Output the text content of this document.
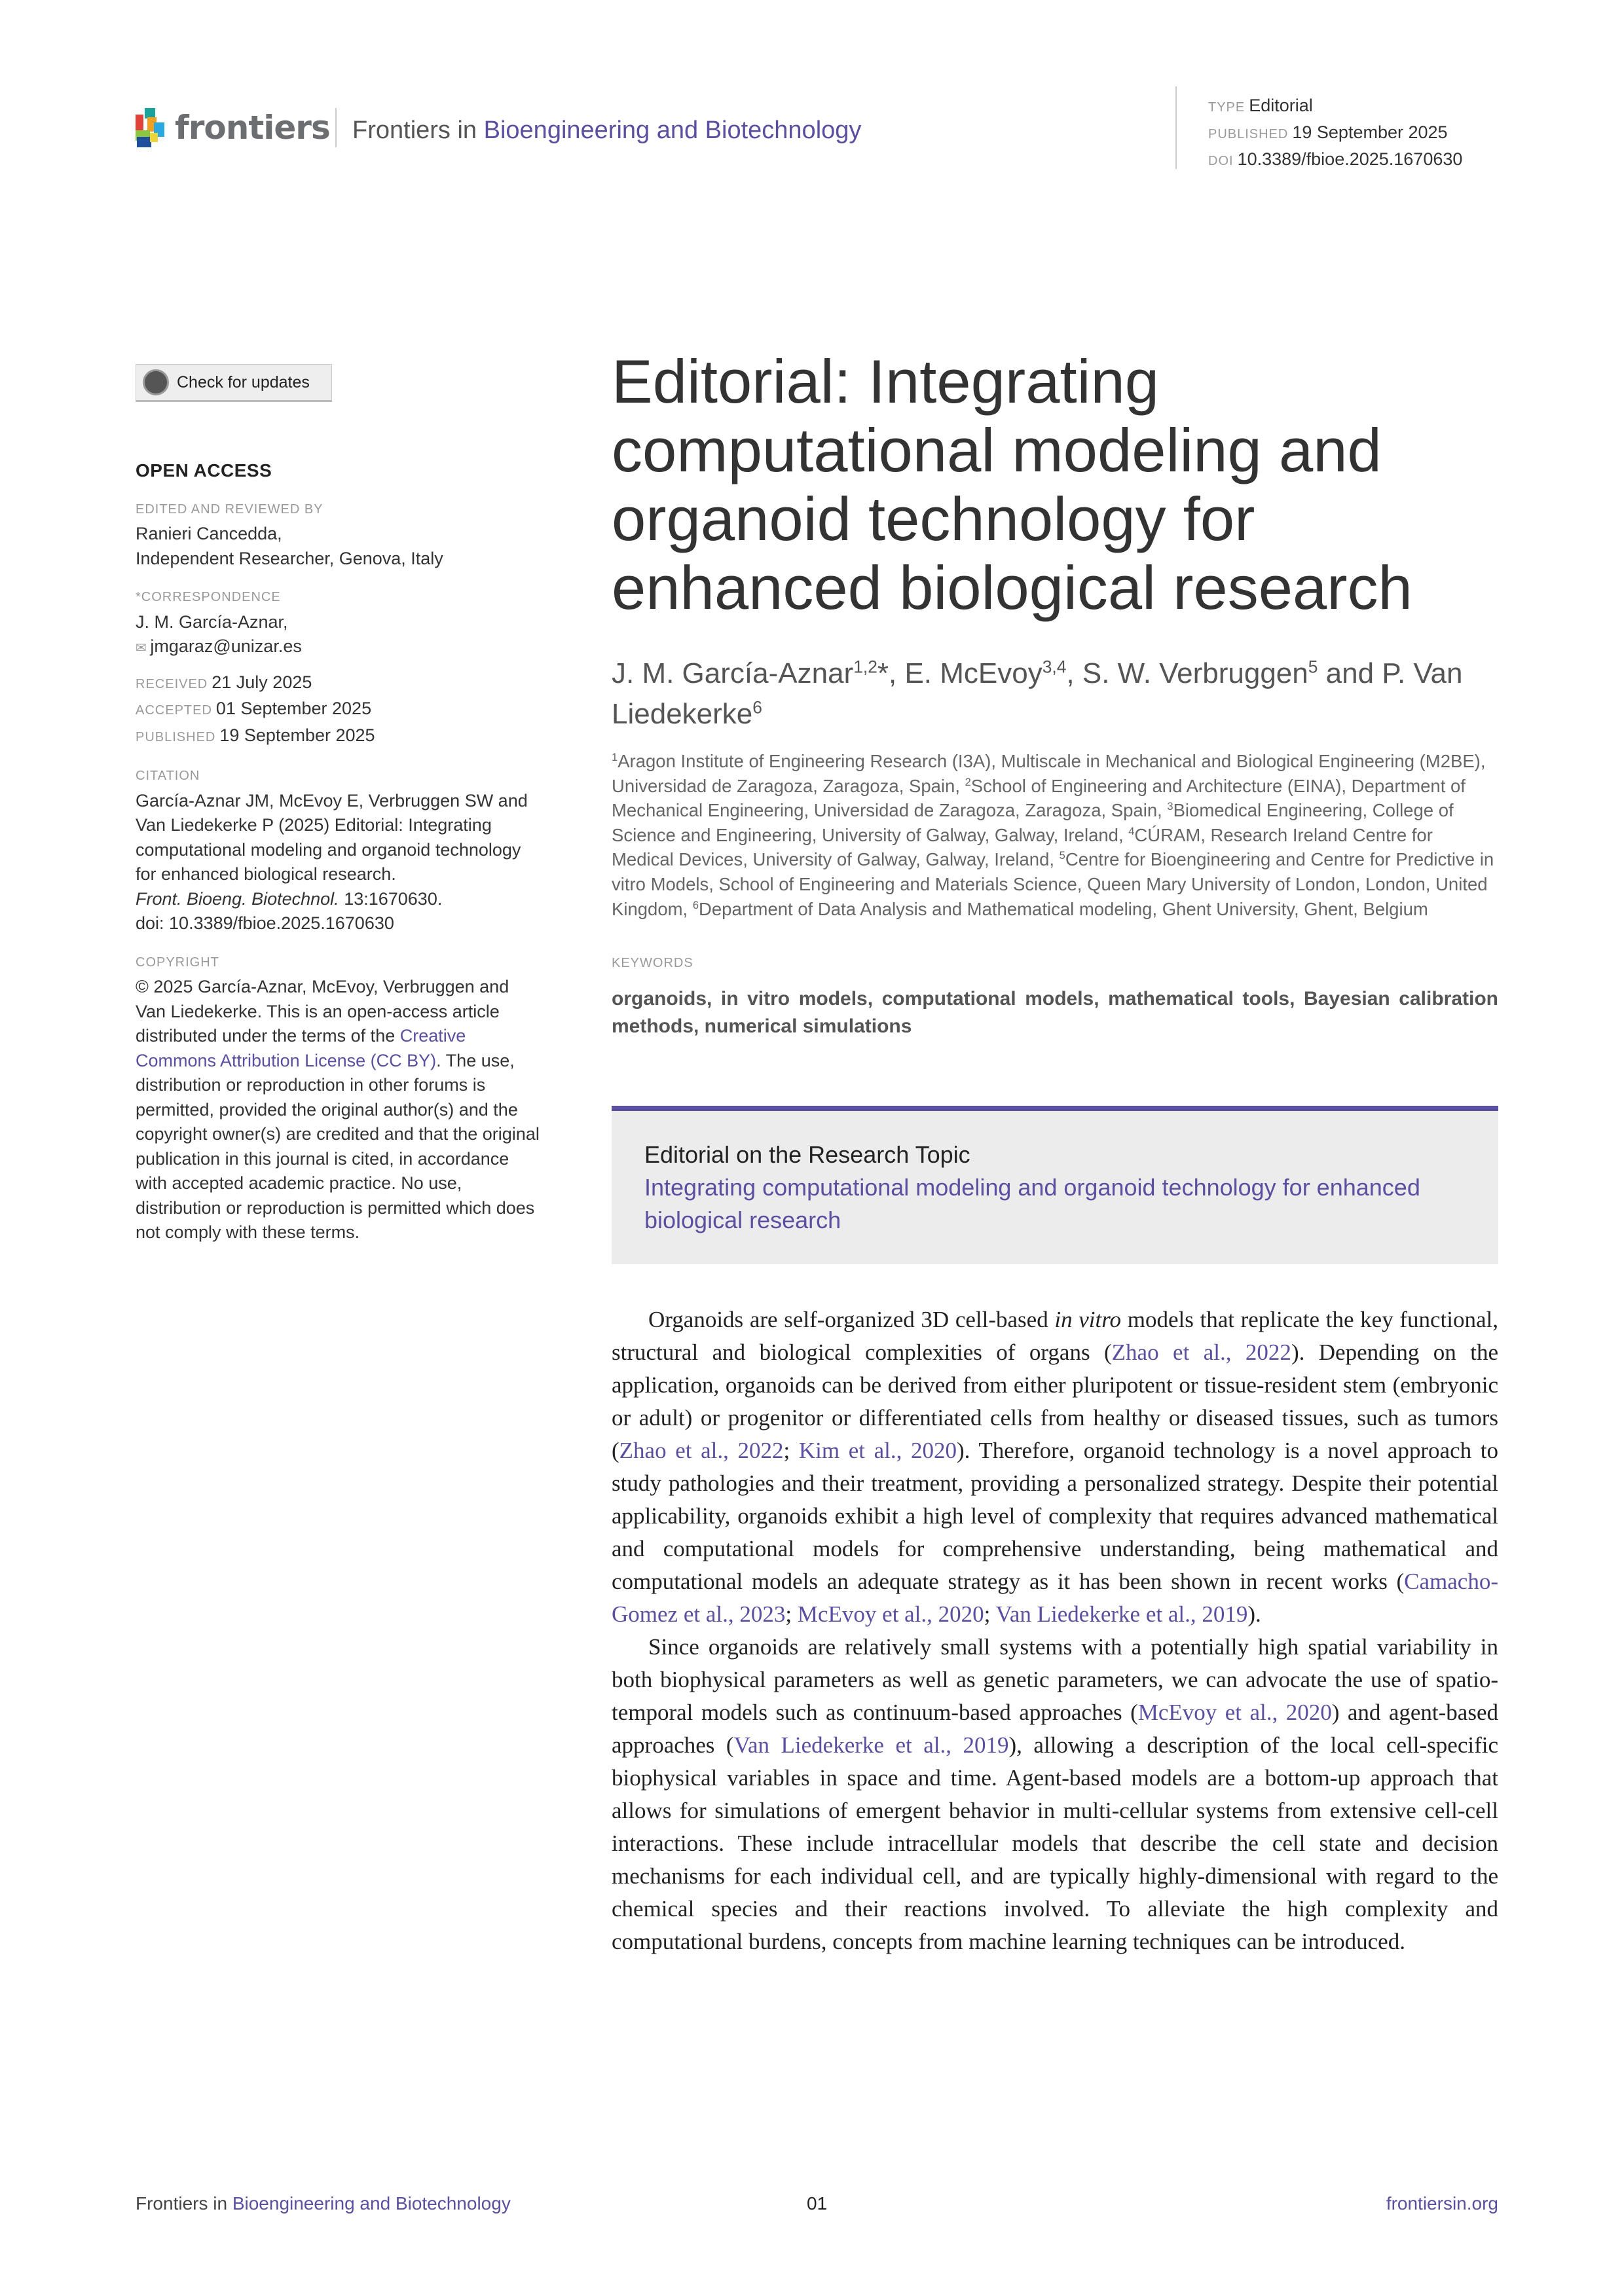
frontiers Frontiers in Bioengineering and Biotechnology
TYPE Editorial
PUBLISHED 19 September 2025
DOI 10.3389/fbioe.2025.1670630
Check for updates
OPEN ACCESS
EDITED AND REVIEWED BY
Ranieri Cancedda,
Independent Researcher, Genova, Italy
*CORRESPONDENCE
J. M. García-Aznar,
✉ jmgaraz@unizar.es
RECEIVED 21 July 2025
ACCEPTED 01 September 2025
PUBLISHED 19 September 2025
CITATION
García-Aznar JM, McEvoy E, Verbruggen SW and Van Liedekerke P (2025) Editorial: Integrating computational modeling and organoid technology for enhanced biological research.
Front. Bioeng. Biotechnol. 13:1670630.
doi: 10.3389/fbioe.2025.1670630
COPYRIGHT
© 2025 García-Aznar, McEvoy, Verbruggen and Van Liedekerke. This is an open-access article distributed under the terms of the Creative Commons Attribution License (CC BY). The use, distribution or reproduction in other forums is permitted, provided the original author(s) and the copyright owner(s) are credited and that the original publication in this journal is cited, in accordance with accepted academic practice. No use, distribution or reproduction is permitted which does not comply with these terms.
Editorial: Integrating computational modeling and organoid technology for enhanced biological research
J. M. García-Aznar$^{1,2}$*, E. McEvoy$^{3,4}$, S. W. Verbruggen$^5$ and P. Van Liedekerke$^6$
$^1$Aragon Institute of Engineering Research (I3A), Multiscale in Mechanical and Biological Engineering (M2BE), Universidad de Zaragoza, Zaragoza, Spain, $^2$School of Engineering and Architecture (EINA), Department of Mechanical Engineering, Universidad de Zaragoza, Zaragoza, Spain, $^3$Biomedical Engineering, College of Science and Engineering, University of Galway, Galway, Ireland, $^4$CÚRAM, Research Ireland Centre for Medical Devices, University of Galway, Galway, Ireland, $^5$Centre for Bioengineering and Centre for Predictive in vitro Models, School of Engineering and Materials Science, Queen Mary University of London, London, United Kingdom, $^6$Department of Data Analysis and Mathematical modeling, Ghent University, Ghent, Belgium
KEYWORDS
organoids, in vitro models, computational models, mathematical tools, Bayesian calibration methods, numerical simulations
Editorial on the Research Topic
Integrating computational modeling and organoid technology for enhanced biological research

Organoids are self-organized 3D cell-based in vitro models that replicate the key functional, structural and biological complexities of organs (Zhao et al., 2022). Depending on the application, organoids can be derived from either pluripotent or tissue-resident stem (embryonic or adult) or progenitor or differentiated cells from healthy or diseased tissues, such as tumors (Zhao et al., 2022; Kim et al., 2020). Therefore, organoid technology is a novel approach to study pathologies and their treatment, providing a personalized strategy. Despite their potential applicability, organoids exhibit a high level of complexity that requires advanced mathematical and computational models for comprehensive understanding, being mathematical and computational models an adequate strategy as it has been shown in recent works (Camacho-Gomez et al., 2023; McEvoy et al., 2020; Van Liedekerke et al., 2019).

Since organoids are relatively small systems with a potentially high spatial variability in both biophysical parameters as well as genetic parameters, we can advocate the use of spatio-temporal models such as continuum-based approaches (McEvoy et al., 2020) and agent-based approaches (Van Liedekerke et al., 2019), allowing a description of the local cell-specific biophysical variables in space and time. Agent-based models are a bottom-up approach that allows for simulations of emergent behavior in multi-cellular systems from extensive cell-cell interactions. These include intracellular models that describe the cell state and decision mechanisms for each individual cell, and are typically highly-dimensional with regard to the chemical species and their reactions involved. To alleviate the high complexity and computational burdens, concepts from machine learning techniques can be introduced.

Frontiers in Bioengineering and Biotechnology	01	frontiersin.org
